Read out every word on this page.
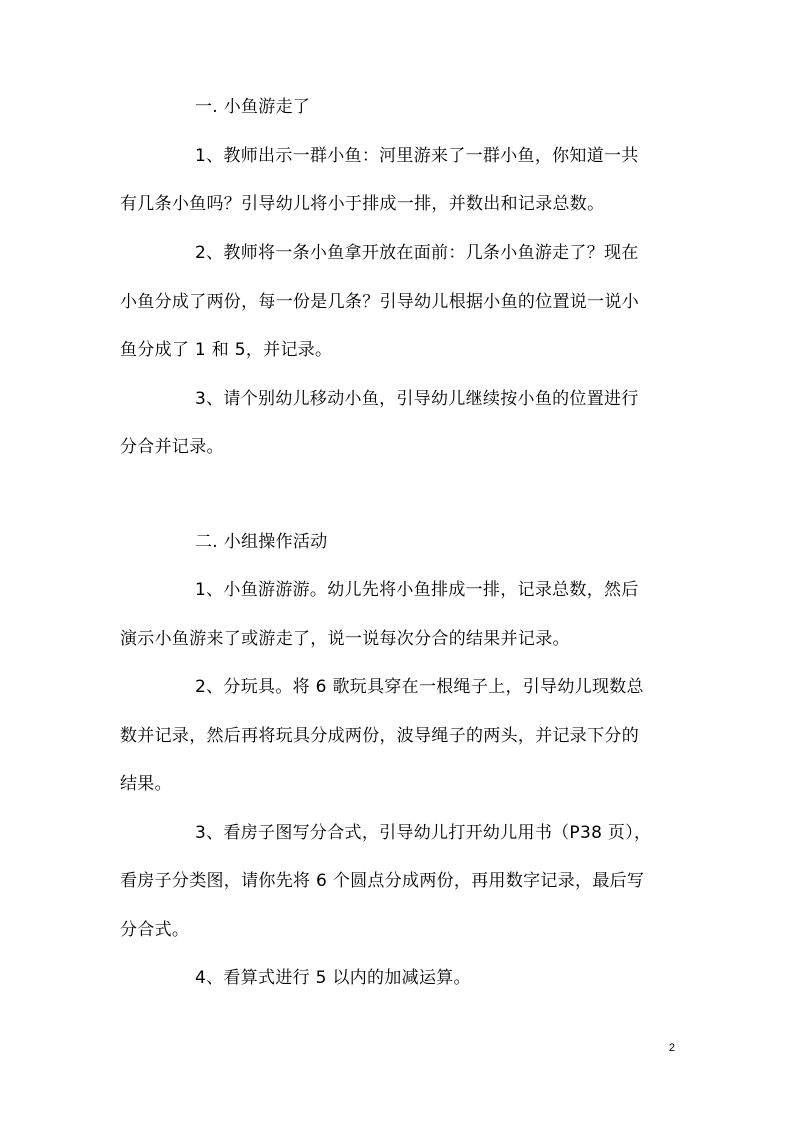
一. 小鱼游走了
1、教师出示一群小鱼：河里游来了一群小鱼，你知道一共
有几条小鱼吗？引导幼儿将小于排成一排，并数出和记录总数。
2、教师将一条小鱼拿开放在面前：几条小鱼游走了？现在
小鱼分成了两份，每一份是几条？引导幼儿根据小鱼的位置说一说小
鱼分成了 1 和 5，并记录。
3、请个别幼儿移动小鱼，引导幼儿继续按小鱼的位置进行
分合并记录。
二. 小组操作活动
1、小鱼游游游。幼儿先将小鱼排成一排，记录总数，然后
演示小鱼游来了或游走了，说一说每次分合的结果并记录。
2、分玩具。将 6 歌玩具穿在一根绳子上，引导幼儿现数总
数并记录，然后再将玩具分成两份，波导绳子的两头，并记录下分的
结果。
3、看房子图写分合式，引导幼儿打开幼儿用书（P38 页），
看房子分类图，请你先将 6 个圆点分成两份，再用数字记录，最后写
分合式。
4、看算式进行 5 以内的加减运算。
2
